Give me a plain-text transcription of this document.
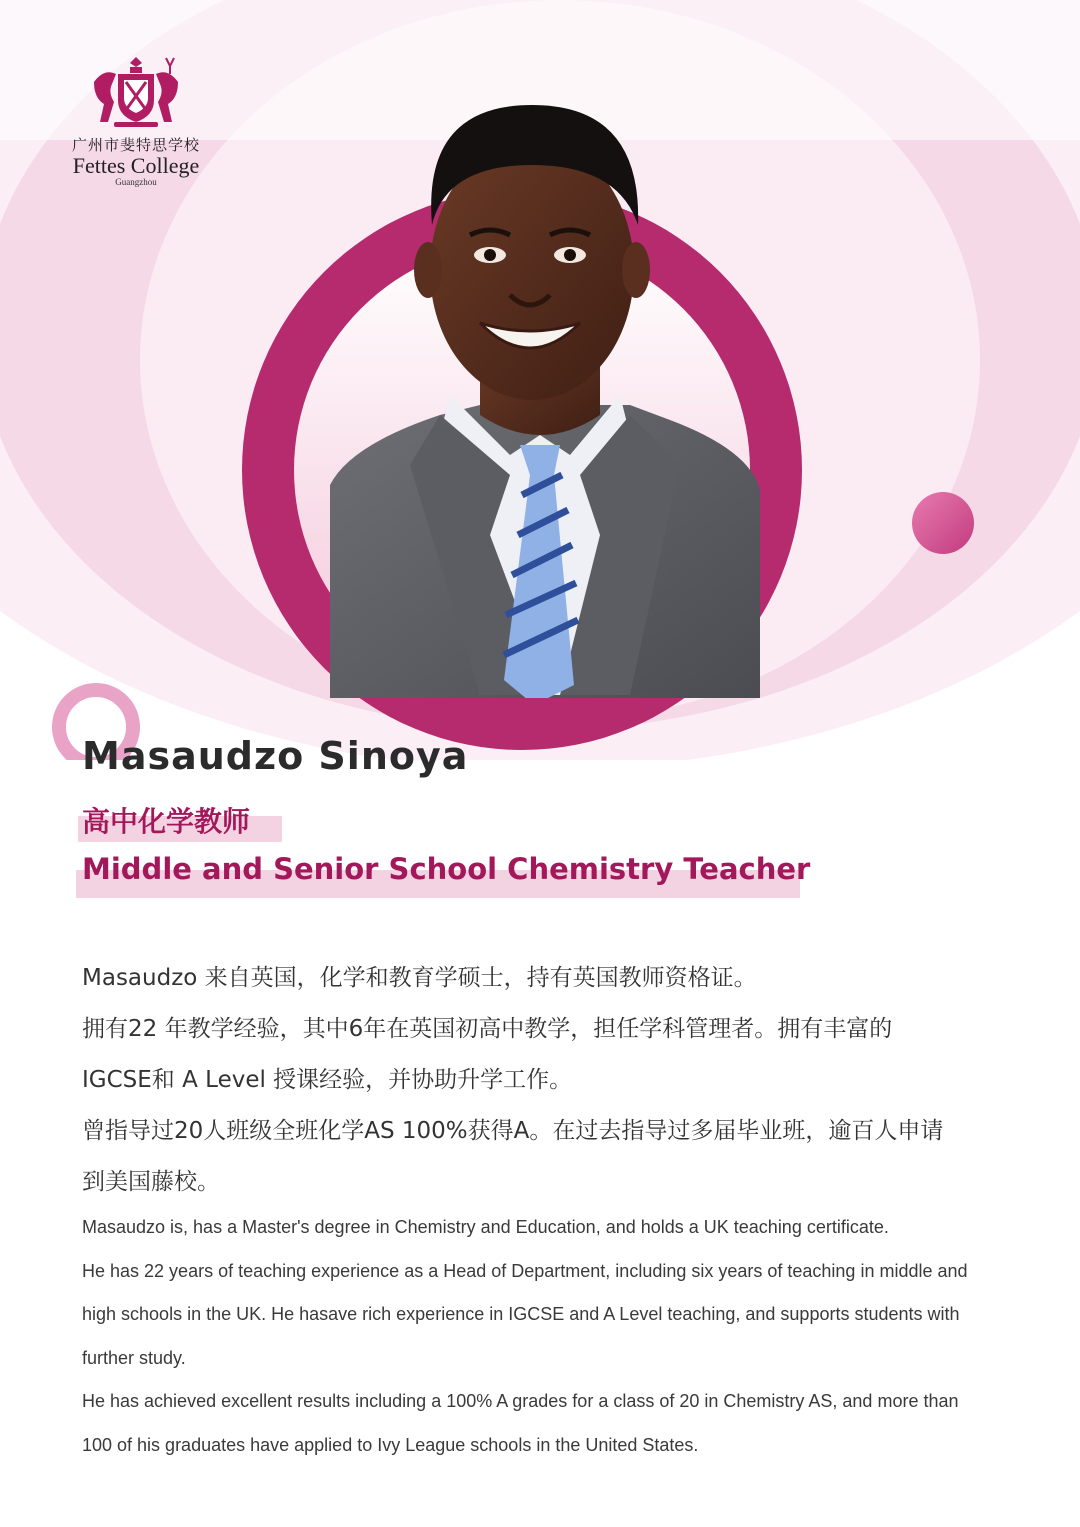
广州市斐特思学校
Fettes College
Guangzhou
Masaudzo Sinoya
高中化学教师
Middle and Senior School Chemistry Teacher

Masaudzo 来自英国，化学和教育学硕士，持有英国教师资格证。

拥有22 年教学经验，其中6年在英国初高中教学，担任学科管理者。拥有丰富的

IGCSE和 A Level 授课经验，并协助升学工作。

曾指导过20人班级全班化学AS 100%获得A。在过去指导过多届毕业班，逾百人申请

到美国藤校。

Masaudzo is, has a Master's degree in Chemistry and Education, and holds a UK teaching certificate.

He has 22 years of teaching experience as a Head of Department, including six years of teaching in middle and

high schools in the UK. He hasave rich experience in IGCSE and A Level teaching, and supports students with

further study.

He has achieved excellent results including a 100% A grades for a class of 20 in Chemistry AS, and more than

100 of his graduates have applied to Ivy League schools in the United States.
